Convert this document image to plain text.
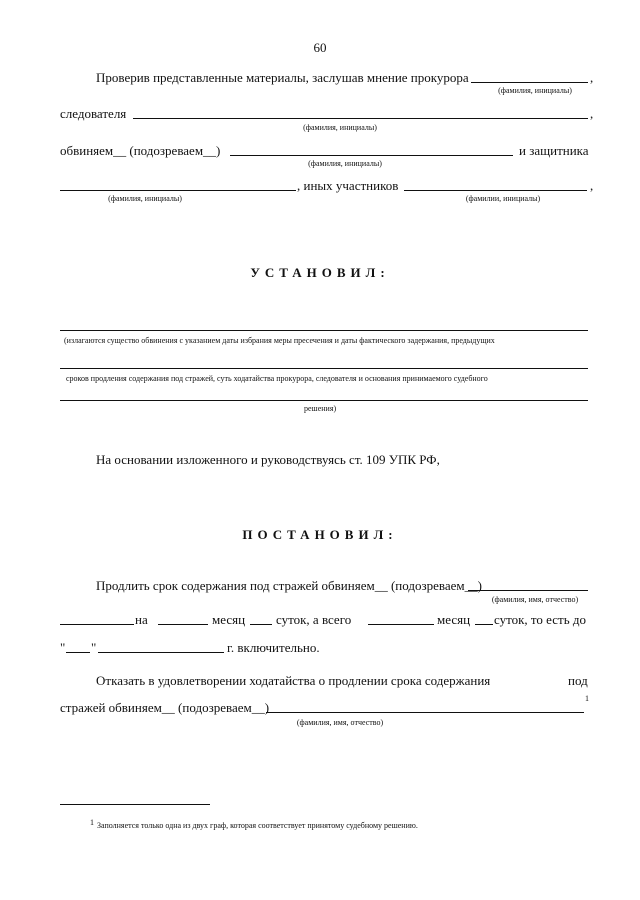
60
Проверив представленные материалы, заслушав мнение прокурора	,
(фамилия, инициалы)
следователя	,
(фамилия, инициалы)
обвиняем__ (подозреваем__)	и защитника
(фамилия, инициалы)
, иных участников	,
(фамилия, инициалы)	(фамилии, инициалы)
УСТАНОВИЛ:
(излагаются существо обвинения с указанием даты избрания меры пресечения и даты фактического задержания, предыдущих
сроков продления содержания под стражей, суть ходатайства прокурора, следователя и основания принимаемого судебного
решения)
На основании изложенного и руководствуясь ст. 109 УПК РФ,
ПОСТАНОВИЛ:
Продлить срок содержания под стражей обвиняем__ (подозреваем__)
(фамилия, имя, отчество)
на	месяц суток, а всего	месяц суток, то есть до
" "	г. включительно.
Отказать в удовлетворении ходатайства о продлении срока содержания	под
стражей обвиняем__ (подозреваем__)
1
(фамилия, имя, отчество)
1 Заполняется только одна из двух граф, которая соответствует принятому судебному решению.
